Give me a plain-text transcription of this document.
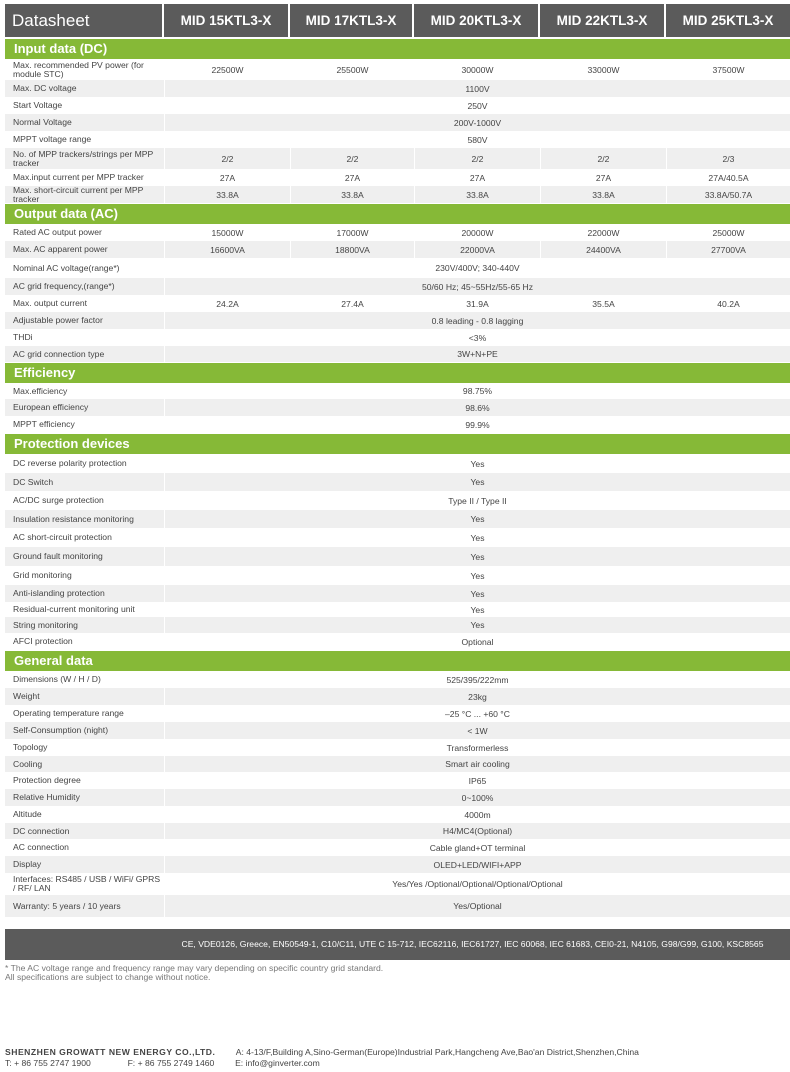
Datasheet	MID 15KTL3-X	MID 17KTL3-X	MID 20KTL3-X	MID 22KTL3-X	MID 25KTL3-X
Input data (DC)
Max. recommended PV power (for module STC)	22500W	25500W	30000W	33000W	37500W
Max. DC voltage	1100V
Start Voltage	250V
Normal Voltage	200V-1000V
MPPT voltage range	580V
No. of MPP trackers/strings per MPP tracker	2/2	2/2	2/2	2/2	2/3
Max.input current per MPP tracker	27A	27A	27A	27A	27A/40.5A
Max. short-circuit current per MPP tracker	33.8A	33.8A	33.8A	33.8A	33.8A/50.7A
Output data (AC)
Rated AC output power	15000W	17000W	20000W	22000W	25000W
Max. AC apparent power	16600VA	18800VA	22000VA	24400VA	27700VA
Nominal AC voltage(range*)	230V/400V; 340-440V
AC grid frequency,(range*)	50/60 Hz; 45~55Hz/55-65 Hz
Max. output current	24.2A	27.4A	31.9A	35.5A	40.2A
Adjustable power factor	0.8 leading - 0.8 lagging
THDi	<3%
AC grid connection type	3W+N+PE
Efficiency
Max.efficiency	98.75%
European efficiency	98.6%
MPPT efficiency	99.9%
Protection devices
DC reverse polarity protection	Yes
DC Switch	Yes
AC/DC surge protection	Type II / Type II
Insulation resistance monitoring	Yes
AC short-circuit protection	Yes
Ground fault monitoring	Yes
Grid monitoring	Yes
Anti-islanding protection	Yes
Residual-current monitoring unit	Yes
String monitoring	Yes
AFCI protection	Optional
General data
Dimensions (W / H / D)	525/395/222mm
Weight	23kg
Operating temperature range	–25 °C ... +60 °C
Self-Consumption (night)	< 1W
Topology	Transformerless
Cooling	Smart air cooling
Protection degree	IP65
Relative Humidity	0~100%
Altitude	4000m
DC connection	H4/MC4(Optional)
AC connection	Cable gland+OT terminal
Display	OLED+LED/WIFI+APP
Interfaces: RS485 / USB / WiFi/ GPRS / RF/ LAN	Yes/Yes /Optional/Optional/Optional/Optional
Warranty: 5 years / 10 years	Yes/Optional
CE, VDE0126, Greece, EN50549-1, C10/C11, UTE C 15-712, IEC62116, IEC61727, IEC 60068, IEC 61683, CEI0-21, N4105, G98/G99, G100, KSC8565
* The AC voltage range and frequency range may vary depending on specific country grid standard.
All specifications are subject to change without notice.
SHENZHEN GROWATT NEW ENERGY CO.,LTD. A: 4-13/F,Building A,Sino-German(Europe)Industrial Park,Hangcheng Ave,Bao'an District,Shenzhen,China
T: + 86 755 2747 1900	F: + 86 755 2749 1460 E: info@ginverter.com
